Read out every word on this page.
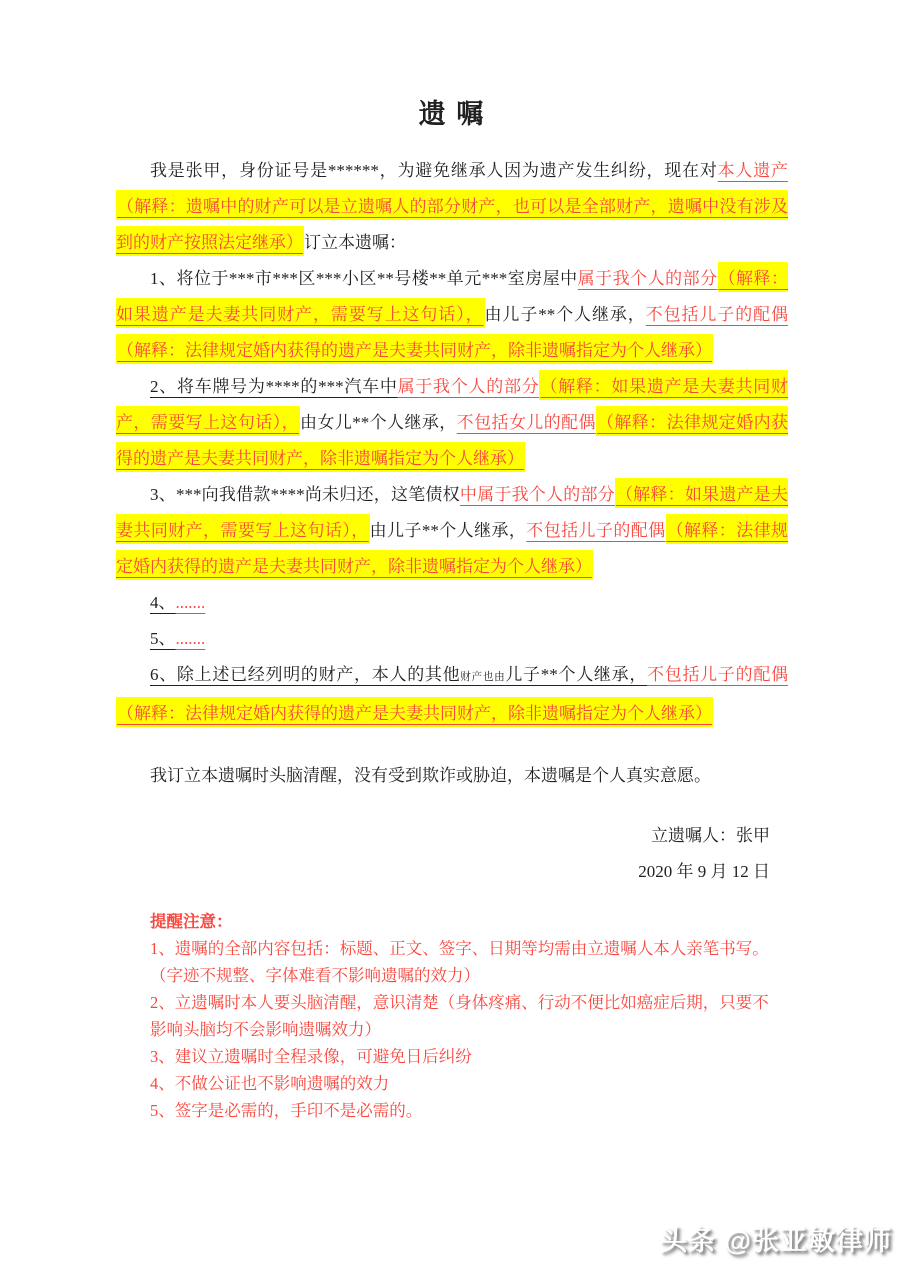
遗 嘱

我是张甲，身份证号是******，为避免继承人因为遗产发生纠纷，现在对本人遗产（解释：遗嘱中的财产可以是立遗嘱人的部分财产，也可以是全部财产，遗嘱中没有涉及到的财产按照法定继承）订立本遗嘱：

1、将位于***市***区***小区**号楼**单元***室房屋中属于我个人的部分（解释：如果遗产是夫妻共同财产，需要写上这句话），由儿子**个人继承，不包括儿子的配偶（解释：法律规定婚内获得的遗产是夫妻共同财产，除非遗嘱指定为个人继承）

2、将车牌号为****的***汽车中属于我个人的部分（解释：如果遗产是夫妻共同财产，需要写上这句话），由女儿**个人继承，不包括女儿的配偶（解释：法律规定婚内获得的遗产是夫妻共同财产，除非遗嘱指定为个人继承）

3、***向我借款****尚未归还，这笔债权中属于我个人的部分（解释：如果遗产是夫妻共同财产，需要写上这句话），由儿子**个人继承，不包括儿子的配偶（解释：法律规定婚内获得的遗产是夫妻共同财产，除非遗嘱指定为个人继承）

4、.......

5、.......

6、除上述已经列明的财产，本人的其他财产也由儿子**个人继承，不包括儿子的配偶（解释：法律规定婚内获得的遗产是夫妻共同财产，除非遗嘱指定为个人继承）

我订立本遗嘱时头脑清醒，没有受到欺诈或胁迫，本遗嘱是个人真实意愿。

立遗嘱人：张甲

2020 年 9 月 12 日

提醒注意：

1、遗嘱的全部内容包括：标题、正文、签字、日期等均需由立遗嘱人本人亲笔书写。
（字迹不规整、字体难看不影响遗嘱的效力）
2、立遗嘱时本人要头脑清醒，意识清楚（身体疼痛、行动不便比如癌症后期，只要不
影响头脑均不会影响遗嘱效力）
3、建议立遗嘱时全程录像，可避免日后纠纷
4、不做公证也不影响遗嘱的效力
5、签字是必需的，手印不是必需的。
头条 @张亚敏律师
